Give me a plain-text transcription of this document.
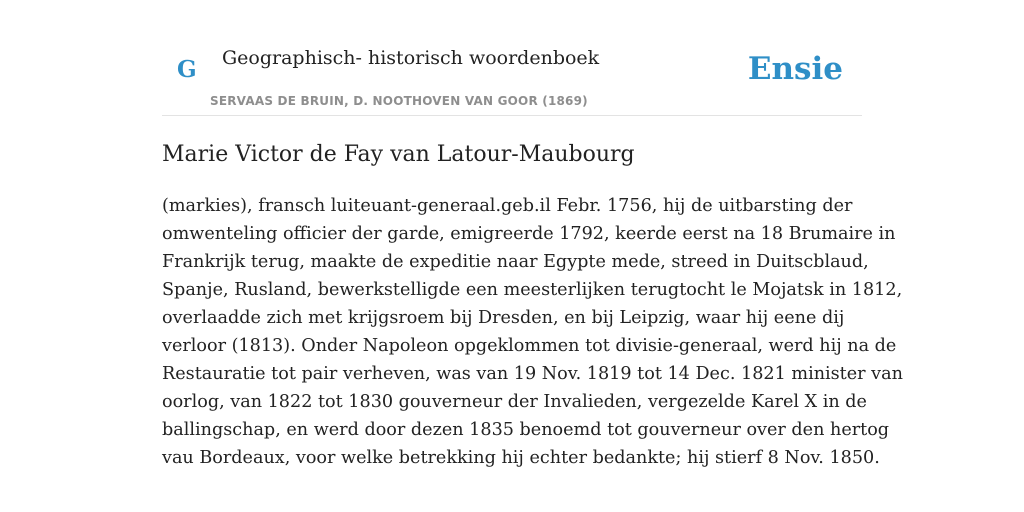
G Geographisch- historisch woordenboek
SERVAAS DE BRUIN, D. NOOTHOVEN VAN GOOR (1869)
Ensie
Marie Victor de Fay van Latour-Maubourg
(markies), fransch luiteuant-generaal.geb.il Febr. 1756, hij de uitbarsting der
omwenteling officier der garde, emigreerde 1792, keerde eerst na 18 Brumaire in
Frankrijk terug, maakte de expeditie naar Egypte mede, streed in Duitscblaud,
Spanje, Rusland, bewerkstelligde een meesterlijken terugtocht le Mojatsk in 1812,
overlaadde zich met krijgsroem bij Dresden, en bij Leipzig, waar hij eene dij
verloor (1813). Onder Napoleon opgeklommen tot divisie-generaal, werd hij na de
Restauratie tot pair verheven, was van 19 Nov. 1819 tot 14 Dec. 1821 minister van
oorlog, van 1822 tot 1830 gouverneur der Invalieden, vergezelde Karel X in de
ballingschap, en werd door dezen 1835 benoemd tot gouverneur over den hertog
vau Bordeaux, voor welke betrekking hij echter bedankte; hij stierf 8 Nov. 1850.
